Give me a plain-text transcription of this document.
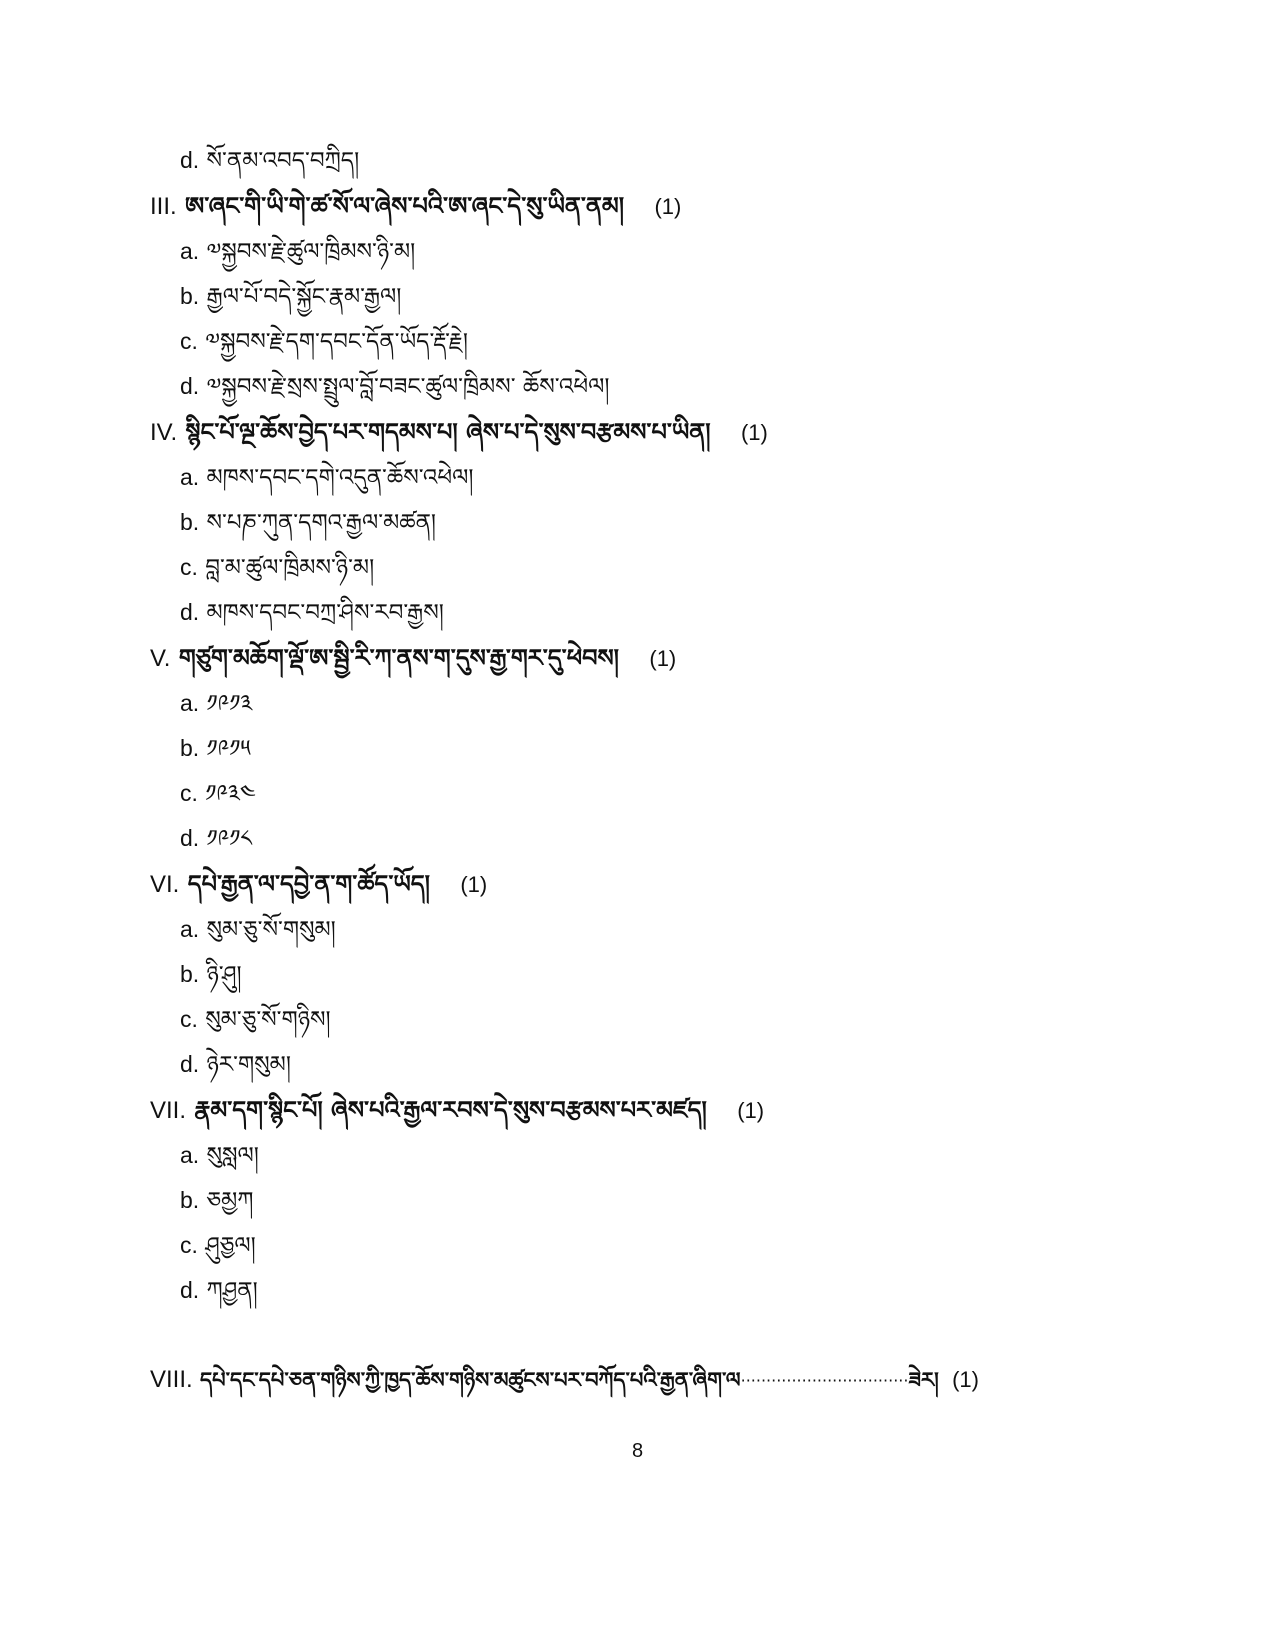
d. སོ་ནམ་འབད་བཀྲིད།
III. ཨ་ཞང་གི་ཡི་གེ་ཚ་སོ་ལ་ཞེས་པའི་ཨ་ཞང་དེ་སུ་ཡིན་ནམ། (1)
a. ༧སྐྱབས་རྗེ་ཚུལ་ཁྲིམས་ཉི་མ།
b. རྒྱལ་པོ་བདེ་སྐྱོང་རྣམ་རྒྱལ།
c. ༧སྐྱབས་རྗེ་དག་དབང་དོན་ཡོད་རྡོ་རྗེ།
d. ༧སྐྱབས་རྗེ་སྲས་སྤྲུལ་བློ་བཟང་ཚུལ་ཁྲིམས་ ཆོས་འཕེལ།
IV. སྙིང་པོ་ལྔ་ཆོས་བྱེད་པར་གདམས་པ། ཞེས་པ་དེ་སུས་བརྩམས་པ་ཡིན། (1)
a. མཁས་དབང་དགེ་འདུན་ཆོས་འཕེལ།
b. ས་པཎ་ཀུན་དགའ་རྒྱལ་མཚན།
c. བླ་མ་ཚུལ་ཁྲིམས་ཉི་མ།
d. མཁས་དབང་བཀྲ་ཤིས་རབ་རྒྱས།
V. གཙུག་མཆོག་ལྡོ་ཨ་སྦྱི་རི་ཀ་ནས་ག་དུས་རྒྱ་གར་དུ་ཕེབས། (1)
a. ༡༩༡༣
b. ༡༩༡༥
c. ༡༩༣༤
d. ༡༩༡༨
VI. དཔེ་རྒྱན་ལ་དབྱེ་ན་ག་ཚོད་ཡོད། (1)
a. སུམ་ཅུ་སོ་གསུམ།
b. ཉི་ཤུ།
c. སུམ་ཅུ་སོ་གཉིས།
d. ཉེར་གསུམ།
VII. རྣམ་དག་སྙིང་པོ། ཞེས་པའི་རྒྱལ་རབས་དེ་སུས་བརྩམས་པར་མཛད། (1)
a. སུསླལ།
b. ཅམྱཀ
c. ཤུཅྱལ།
d. ཀཤྱན།
VIII. དཔེ་དང་དཔེ་ཅན་གཉིས་ཀྱི་ཁྱད་ཆོས་གཉིས་མཚུངས་པར་བཀོད་པའི་རྒྱན་ཞིག་ལ·································ཟེར། (1)
8
